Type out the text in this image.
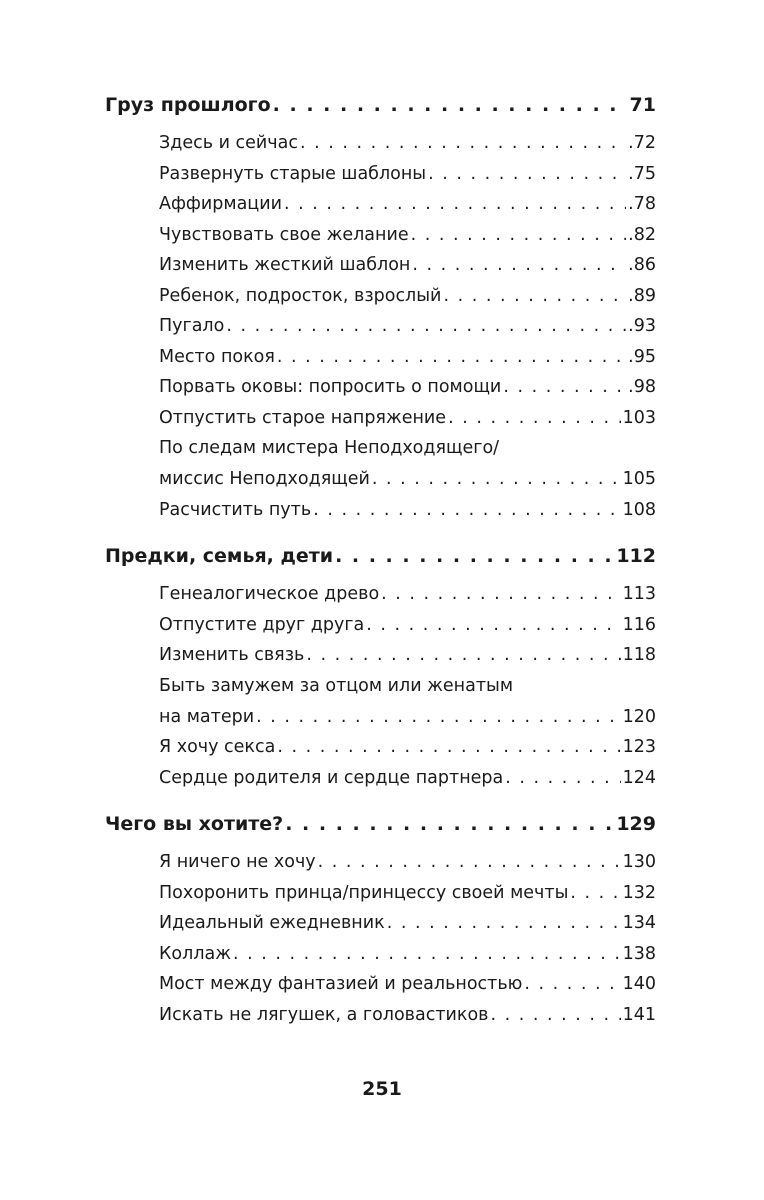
Груз прошлого . . .	71
Здесь и сейчас . . .	.72
Развернуть старые шаблоны . . .	.75
Аффирмации . . .	.78
Чувствовать свое желание . . .	.82
Изменить жесткий шаблон . . .	.86
Ребенок, подросток, взрослый . . .	.89
Пугало . . .	.93
Место покоя . . .	.95
Порвать оковы: попросить о помощи . . .	.98
Отпустить старое напряжение . . .	103
По следам мистера Неподходящего/
миссис Неподходящей . . .	105
Расчистить путь . . .	108
Предки, семья, дети . . .	112
Генеалогическое древо . . .	113
Отпустите друг друга . . .	116
Изменить связь . . .	118
Быть замужем за отцом или женатым
на матери . . .	120
Я хочу секса . . .	123
Сердце родителя и сердце партнера . . .	124
Чего вы хотите? . . .	129
Я ничего не хочу . . .	130
Похоронить принца/принцессу своей мечты . . .	132
Идеальный ежедневник . . .	134
Коллаж . . .	138
Мост между фантазией и реальностью . . .	140
Искать не лягушек, а головастиков . . .	141
251
